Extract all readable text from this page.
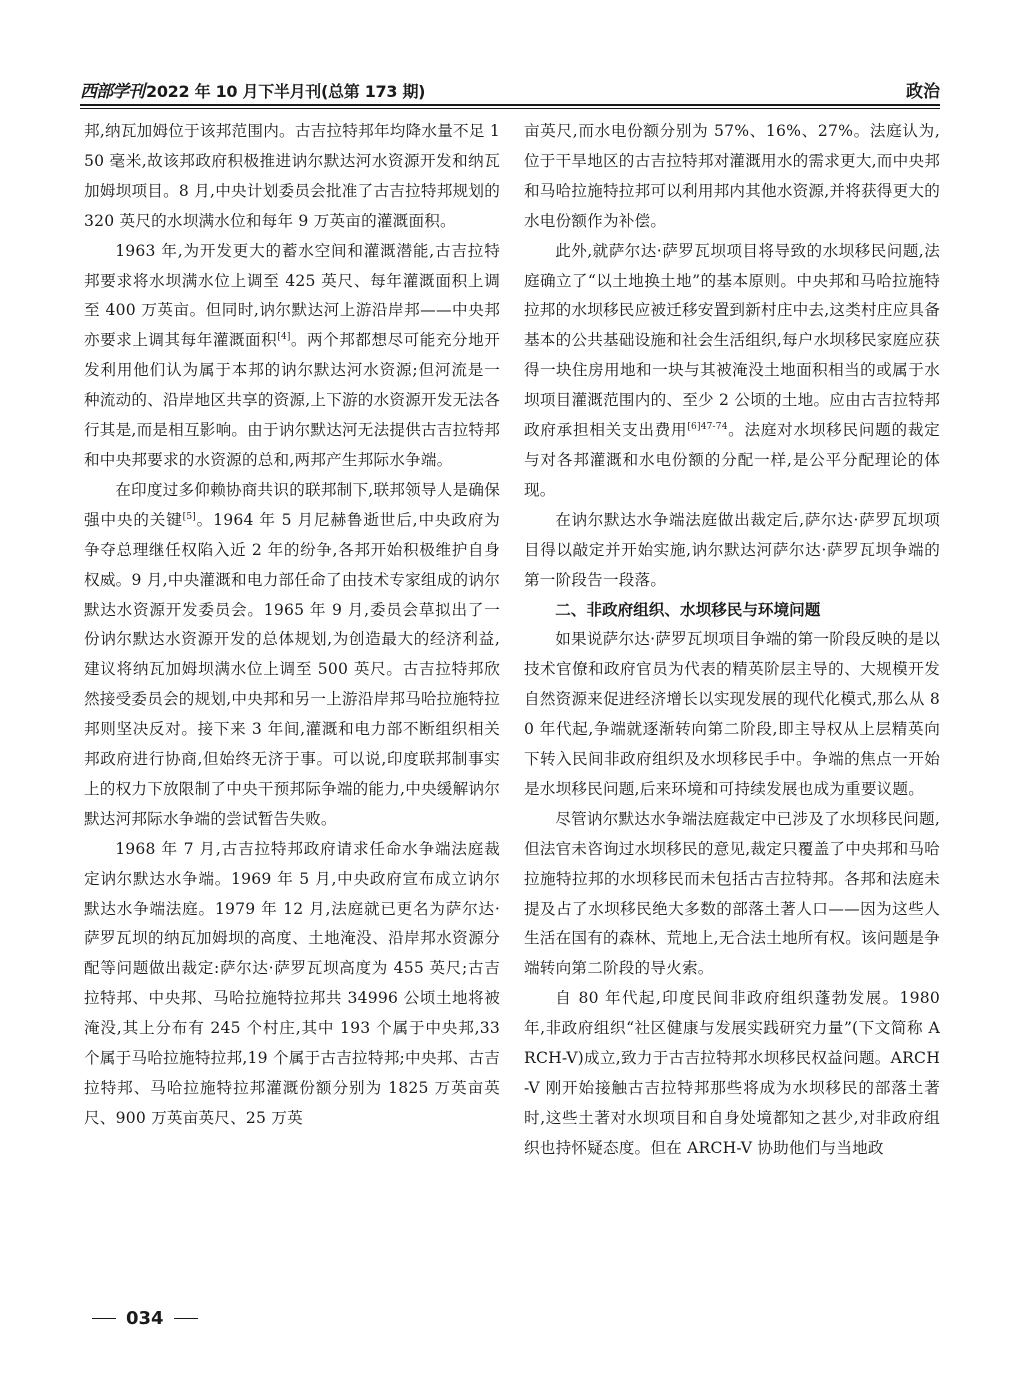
西部学刊 2022 年 10 月下半月刊(总第 173 期)	政治

邦,纳瓦加姆位于该邦范围内。古吉拉特邦年均降水量不足 150 毫米,故该邦政府积极推进讷尔默达河水资源开发和纳瓦加姆坝项目。8 月,中央计划委员会批准了古吉拉特邦规划的 320 英尺的水坝满水位和每年 9 万英亩的灌溉面积。

1963 年,为开发更大的蓄水空间和灌溉潜能,古吉拉特邦要求将水坝满水位上调至 425 英尺、每年灌溉面积上调至 400 万英亩。但同时,讷尔默达河上游沿岸邦——中央邦亦要求上调其每年灌溉面积[4]。两个邦都想尽可能充分地开发利用他们认为属于本邦的讷尔默达河水资源;但河流是一种流动的、沿岸地区共享的资源,上下游的水资源开发无法各行其是,而是相互影响。由于讷尔默达河无法提供古吉拉特邦和中央邦要求的水资源的总和,两邦产生邦际水争端。

在印度过多仰赖协商共识的联邦制下,联邦领导人是确保强中央的关键[5]。1964 年 5 月尼赫鲁逝世后,中央政府为争夺总理继任权陷入近 2 年的纷争,各邦开始积极维护自身权威。9 月,中央灌溉和电力部任命了由技术专家组成的讷尔默达水资源开发委员会。1965 年 9 月,委员会草拟出了一份讷尔默达水资源开发的总体规划,为创造最大的经济利益,建议将纳瓦加姆坝满水位上调至 500 英尺。古吉拉特邦欣然接受委员会的规划,中央邦和另一上游沿岸邦马哈拉施特拉邦则坚决反对。接下来 3 年间,灌溉和电力部不断组织相关邦政府进行协商,但始终无济于事。可以说,印度联邦制事实上的权力下放限制了中央干预邦际争端的能力,中央缓解讷尔默达河邦际水争端的尝试暂告失败。

1968 年 7 月,古吉拉特邦政府请求任命水争端法庭裁定讷尔默达水争端。1969 年 5 月,中央政府宣布成立讷尔默达水争端法庭。1979 年 12 月,法庭就已更名为萨尔达·萨罗瓦坝的纳瓦加姆坝的高度、土地淹没、沿岸邦水资源分配等问题做出裁定:萨尔达·萨罗瓦坝高度为 455 英尺;古吉拉特邦、中央邦、马哈拉施特拉邦共 34996 公顷土地将被淹没,其上分布有 245 个村庄,其中 193 个属于中央邦,33 个属于马哈拉施特拉邦,19 个属于古吉拉特邦;中央邦、古吉拉特邦、马哈拉施特拉邦灌溉份额分别为 1825 万英亩英尺、900 万英亩英尺、25 万英

亩英尺,而水电份额分别为 57%、16%、27%。法庭认为,位于干旱地区的古吉拉特邦对灌溉用水的需求更大,而中央邦和马哈拉施特拉邦可以利用邦内其他水资源,并将获得更大的水电份额作为补偿。

此外,就萨尔达·萨罗瓦坝项目将导致的水坝移民问题,法庭确立了“以土地换土地”的基本原则。中央邦和马哈拉施特拉邦的水坝移民应被迁移安置到新村庄中去,这类村庄应具备基本的公共基础设施和社会生活组织,每户水坝移民家庭应获得一块住房用地和一块与其被淹没土地面积相当的或属于水坝项目灌溉范围内的、至少 2 公顷的土地。应由古吉拉特邦政府承担相关支出费用$^{[6]47-74}$。法庭对水坝移民问题的裁定与对各邦灌溉和水电份额的分配一样,是公平分配理论的体现。

在讷尔默达水争端法庭做出裁定后,萨尔达·萨罗瓦坝项目得以敲定并开始实施,讷尔默达河萨尔达·萨罗瓦坝争端的第一阶段告一段落。

二、非政府组织、水坝移民与环境问题

如果说萨尔达·萨罗瓦坝项目争端的第一阶段反映的是以技术官僚和政府官员为代表的精英阶层主导的、大规模开发自然资源来促进经济增长以实现发展的现代化模式,那么从 80 年代起,争端就逐渐转向第二阶段,即主导权从上层精英向下转入民间非政府组织及水坝移民手中。争端的焦点一开始是水坝移民问题,后来环境和可持续发展也成为重要议题。

尽管讷尔默达水争端法庭裁定中已涉及了水坝移民问题,但法官未咨询过水坝移民的意见,裁定只覆盖了中央邦和马哈拉施特拉邦的水坝移民而未包括古吉拉特邦。各邦和法庭未提及占了水坝移民绝大多数的部落土著人口——因为这些人生活在国有的森林、荒地上,无合法土地所有权。该问题是争端转向第二阶段的导火索。

自 80 年代起,印度民间非政府组织蓬勃发展。1980 年,非政府组织“社区健康与发展实践研究力量”(下文简称 ARCH-V)成立,致力于古吉拉特邦水坝移民权益问题。ARCH-V 刚开始接触古吉拉特邦那些将成为水坝移民的部落土著时,这些土著对水坝项目和自身处境都知之甚少,对非政府组织也持怀疑态度。但在 ARCH-V 协助他们与当地政

034
